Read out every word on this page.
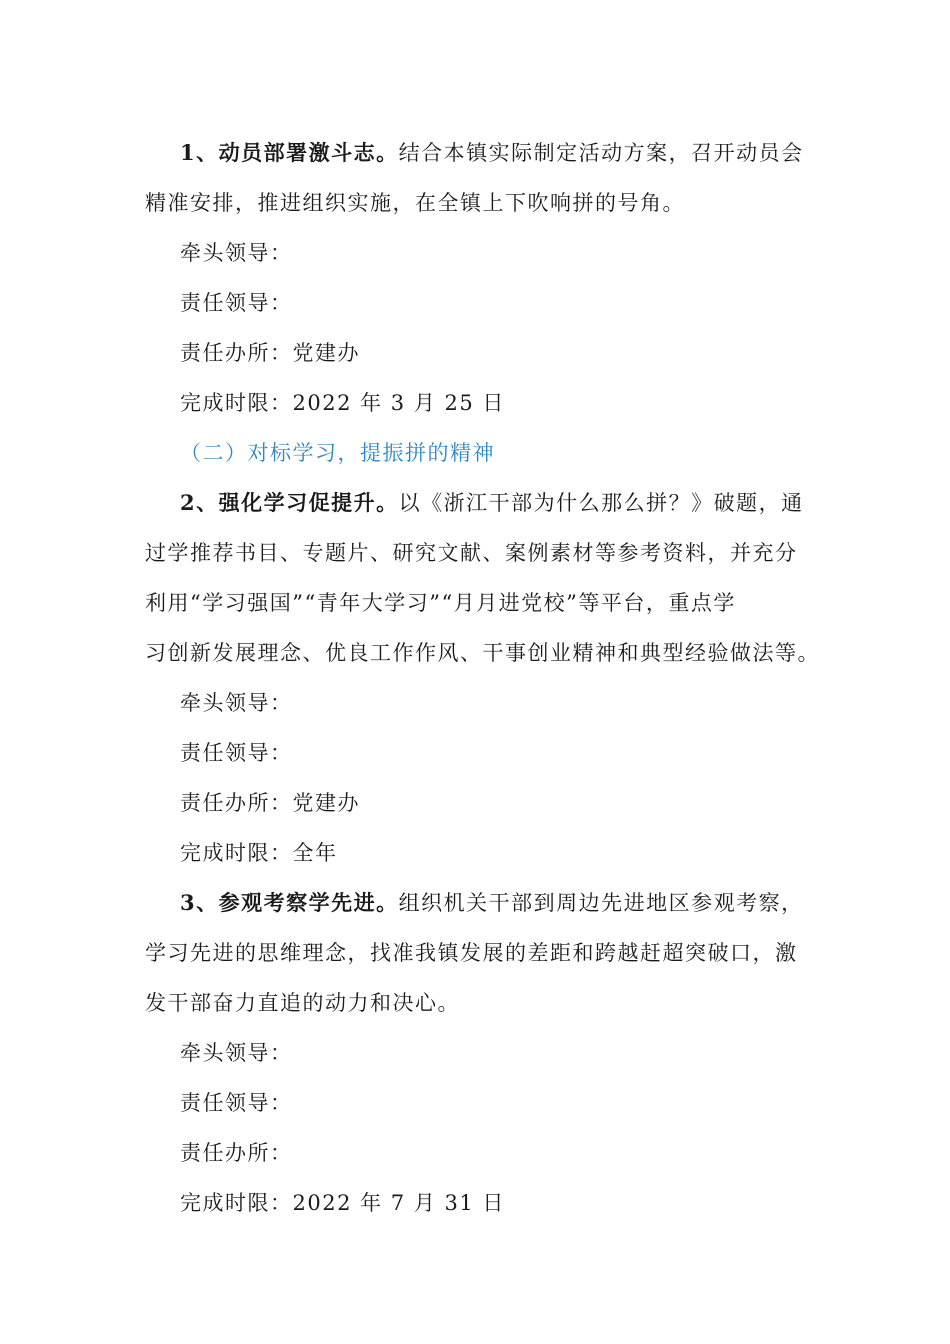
1、动员部署激斗志。结合本镇实际制定活动方案，召开动员会
精准安排，推进组织实施，在全镇上下吹响拼的号角。
牵头领导：
责任领导：
责任办所：党建办
完成时限：2022 年 3 月 25 日
（二）对标学习，提振拼的精神
2、强化学习促提升。以《浙江干部为什么那么拼？》破题，通
过学推荐书目、专题片、研究文献、案例素材等参考资料，并充分
利用“学习强国”“青年大学习”“月月进党校”等平台，重点学
习创新发展理念、优良工作作风、干事创业精神和典型经验做法等。
牵头领导：
责任领导：
责任办所：党建办
完成时限：全年
3、参观考察学先进。组织机关干部到周边先进地区参观考察，
学习先进的思维理念，找准我镇发展的差距和跨越赶超突破口，激
发干部奋力直追的动力和决心。
牵头领导：
责任领导：
责任办所：
完成时限：2022 年 7 月 31 日
